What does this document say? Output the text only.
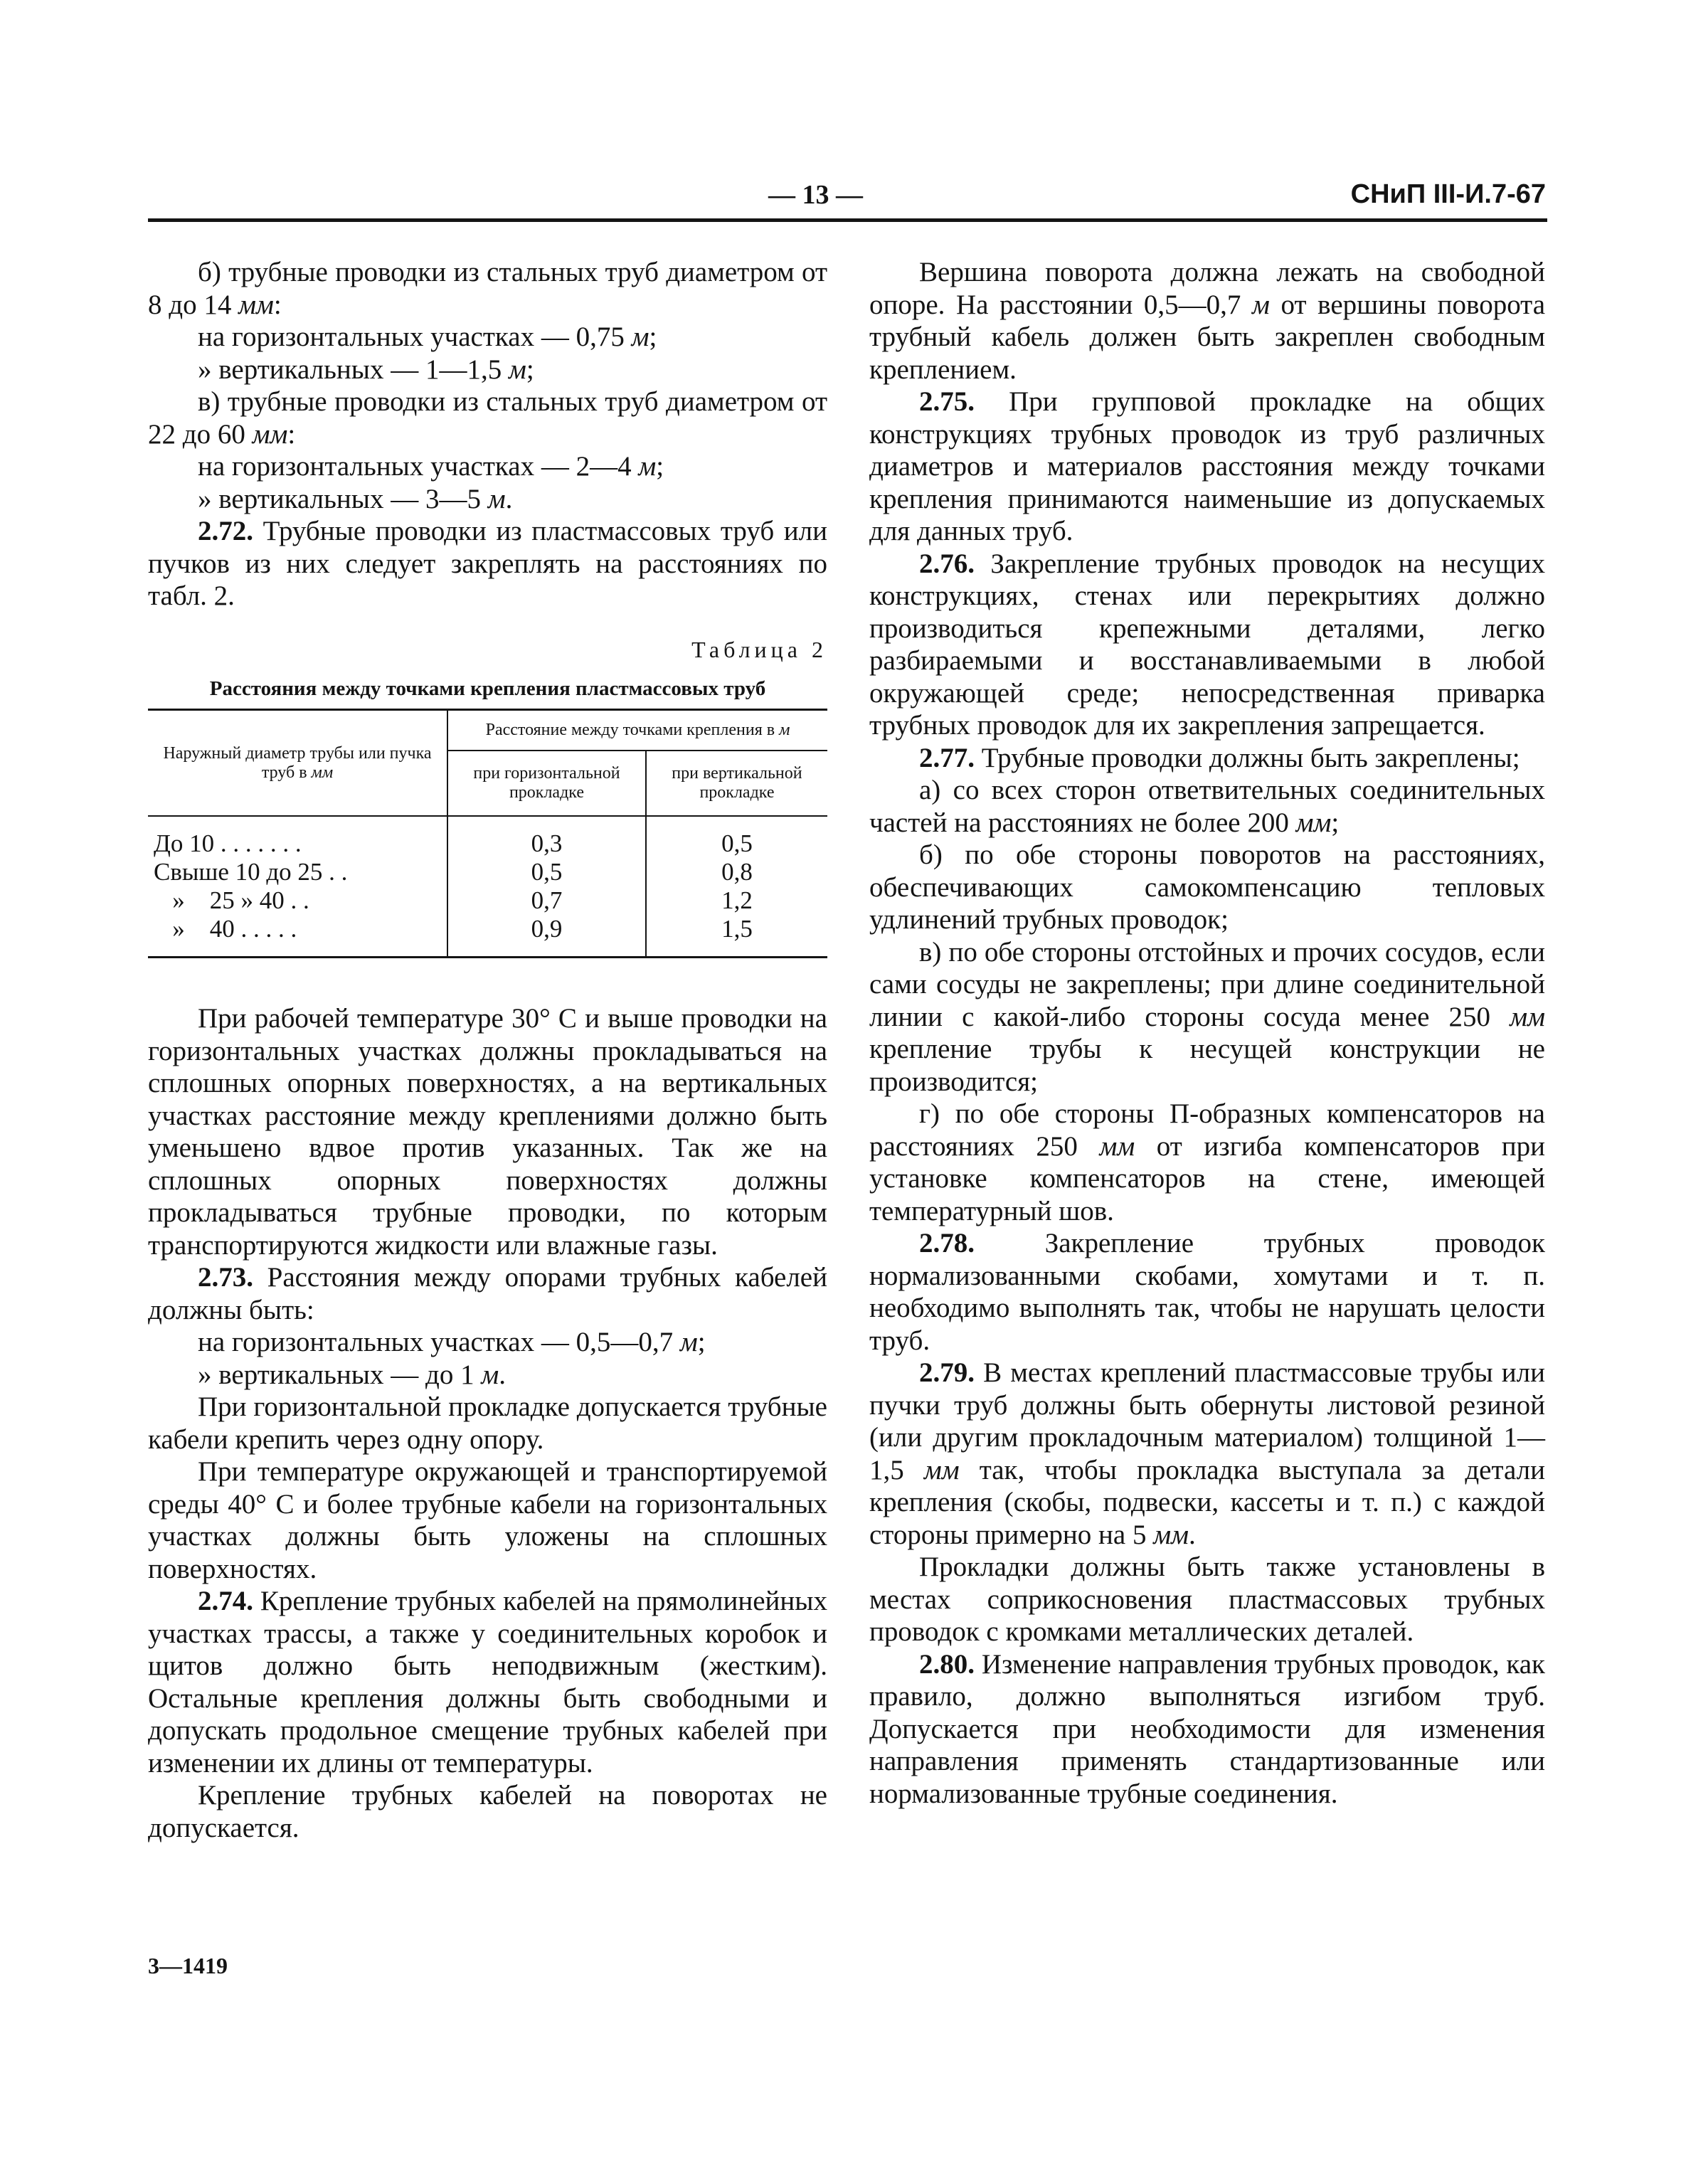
— 13 —	СНиП III-И.7-67

б) трубные проводки из стальных труб диаметром от 8 до 14 мм:

на горизонтальных участках — 0,75 м;

» вертикальных — 1—1,5 м;

в) трубные проводки из стальных труб диаметром от 22 до 60 мм:

на горизонтальных участках — 2—4 м;

» вертикальных — 3—5 м.

2.72. Трубные проводки из пластмассовых труб или пучков из них следует закреплять на расстояниях по табл. 2.

Таблица 2
Расстояния между точками крепления пластмассовых труб
Наружный диаметр трубы или пучка труб в мм	Расстояние между точками крепления в м	
	при горизонтальной прокладке	при вертикальной прокладке
До 10 . . . . . . .	0,3	0,5
Свыше 10 до 25 . .	0,5	0,8
»    25 » 40 . .	0,7	1,2
»    40 . . . . .	0,9	1,5

При рабочей температуре 30° С и выше проводки на горизонтальных участках должны прокладываться на сплошных опорных поверхностях, а на вертикальных участках расстояние между креплениями должно быть уменьшено вдвое против указанных. Так же на сплошных опорных поверхностях должны прокладываться трубные проводки, по которым транспортируются жидкости или влажные газы.

2.73. Расстояния между опорами трубных кабелей должны быть:

на горизонтальных участках — 0,5—0,7 м;

» вертикальных — до 1 м.

При горизонтальной прокладке допускается трубные кабели крепить через одну опору.

При температуре окружающей и транспортируемой среды 40° С и более трубные кабели на горизонтальных участках должны быть уложены на сплошных поверхностях.

2.74. Крепление трубных кабелей на прямолинейных участках трассы, а также у соединительных коробок и щитов должно быть неподвижным (жестким). Остальные крепления должны быть свободными и допускать продольное смещение трубных кабелей при изменении их длины от температуры.

Крепление трубных кабелей на поворотах не допускается.

Вершина поворота должна лежать на свободной опоре. На расстоянии 0,5—0,7 м от вершины поворота трубный кабель должен быть закреплен свободным креплением.

2.75. При групповой прокладке на общих конструкциях трубных проводок из труб различных диаметров и материалов расстояния между точками крепления принимаются наименьшие из допускаемых для данных труб.

2.76. Закрепление трубных проводок на несущих конструкциях, стенах или перекрытиях должно производиться крепежными деталями, легко разбираемыми и восстанавливаемыми в любой окружающей среде; непосредственная приварка трубных проводок для их закрепления запрещается.

2.77. Трубные проводки должны быть закреплены;

а) со всех сторон ответвительных соединительных частей на расстояниях не более 200 мм;

б) по обе стороны поворотов на расстояниях, обеспечивающих самокомпенсацию тепловых удлинений трубных проводок;

в) по обе стороны отстойных и прочих сосудов, если сами сосуды не закреплены; при длине соединительной линии с какой-либо стороны сосуда менее 250 мм крепление трубы к несущей конструкции не производится;

г) по обе стороны П-образных компенсаторов на расстояниях 250 мм от изгиба компенсаторов при установке компенсаторов на стене, имеющей температурный шов.

2.78.	Закрепление трубных проводок нормализованными скобами, хомутами и т. п. необходимо выполнять так, чтобы не нарушать целости труб.

2.79. В местах креплений пластмассовые трубы или пучки труб должны быть обернуты листовой резиной (или другим прокладочным материалом) толщиной 1—1,5 мм так, чтобы прокладка выступала за детали крепления (скобы, подвески, кассеты и т. п.) с каждой стороны примерно на 5 мм.

Прокладки должны быть также установлены в местах соприкосновения пластмассовых трубных проводок с кромками металлических деталей.

2.80. Изменение направления трубных проводок, как правило, должно выполняться изгибом труб. Допускается при необходимости для изменения направления применять стандартизованные или нормализованные трубные соединения.

3—1419
